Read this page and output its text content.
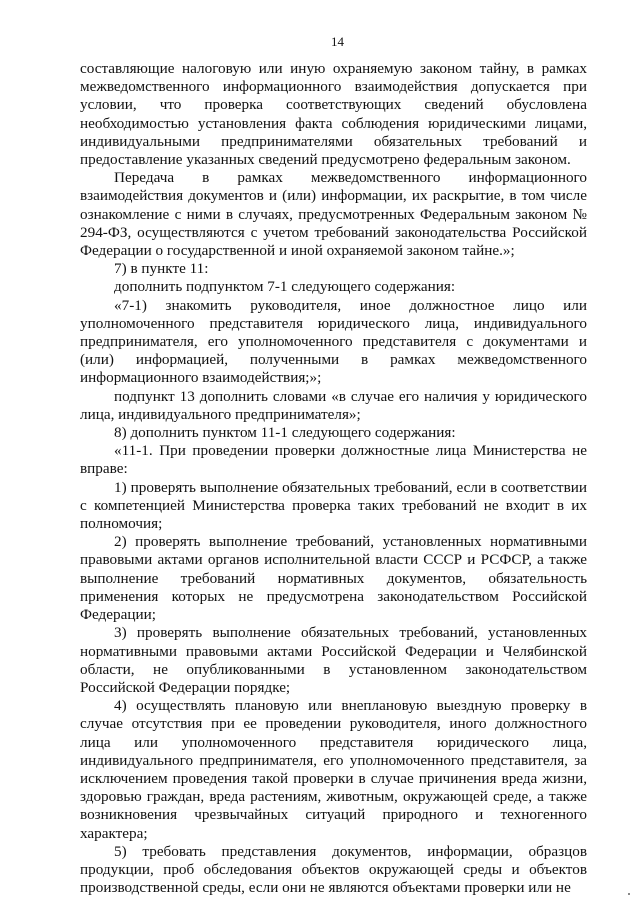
14

составляющие налоговую или иную охраняемую законом тайну, в рамках межведомственного информационного взаимодействия допускается при условии, что проверка соответствующих сведений обусловлена необходимостью установления факта соблюдения юридическими лицами, индивидуальными предпринимателями обязательных требований и предоставление указанных сведений предусмотрено федеральным законом.

Передача в рамках межведомственного информационного взаимодействия документов и (или) информации, их раскрытие, в том числе ознакомление с ними в случаях, предусмотренных Федеральным законом № 294-ФЗ, осуществляются с учетом требований законодательства Российской Федерации о государственной и иной охраняемой законом тайне.»;

7) в пункте 11:

дополнить подпунктом 7-1 следующего содержания:

«7-1) знакомить руководителя, иное должностное лицо или уполномоченного представителя юридического лица, индивидуального предпринимателя, его уполномоченного представителя с документами и (или) информацией, полученными в рамках межведомственного информационного взаимодействия;»;

подпункт 13 дополнить словами «в случае его наличия у юридического лица, индивидуального предпринимателя»;

8) дополнить пунктом 11-1 следующего содержания:

«11-1. При проведении проверки должностные лица Министерства не вправе:

1) проверять выполнение обязательных требований, если в соответствии с компетенцией Министерства проверка таких требований не входит в их полномочия;

2) проверять выполнение требований, установленных нормативными правовыми актами органов исполнительной власти СССР и РСФСР, а также выполнение требований нормативных документов, обязательность применения которых не предусмотрена законодательством Российской Федерации;

3) проверять выполнение обязательных требований, установленных нормативными правовыми актами Российской Федерации и Челябинской области, не опубликованными в установленном законодательством Российской Федерации порядке;

4) осуществлять плановую или внеплановую выездную проверку в случае отсутствия при ее проведении руководителя, иного должностного лица или уполномоченного представителя юридического лица, индивидуального предпринимателя, его уполномоченного представителя, за исключением проведения такой проверки в случае причинения вреда жизни, здоровью граждан, вреда растениям, животным, окружающей среде, а также возникновения чрезвычайных ситуаций природного и техногенного характера;

5) требовать представления документов, информации, образцов продукции, проб обследования объектов окружающей среды и объектов производственной среды, если они не являются объектами проверки или не
